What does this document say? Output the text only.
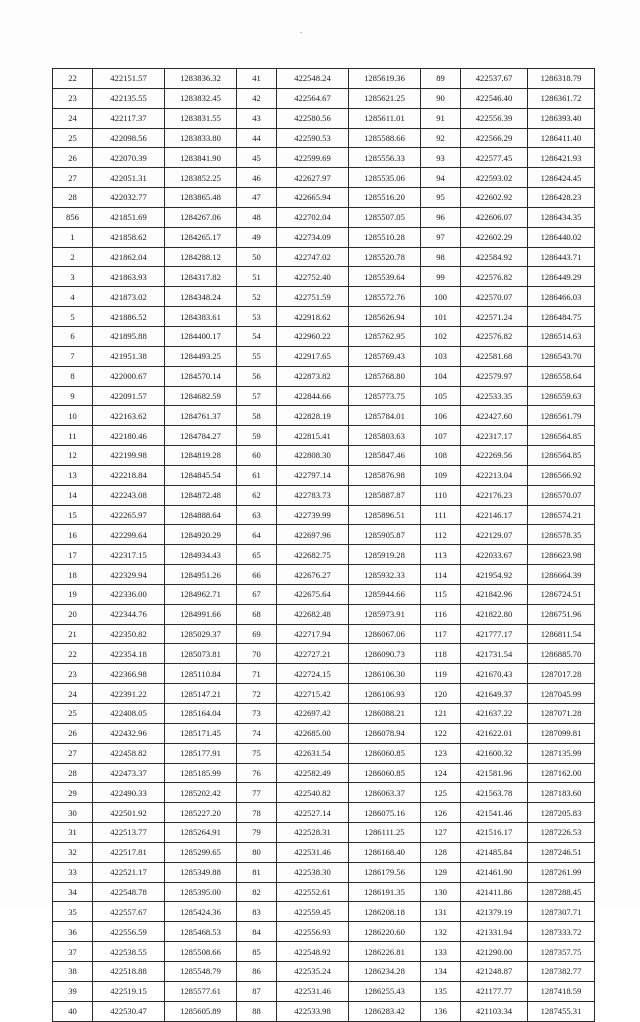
22	422151.57	1283836.32	41	422548.24	1285619.36	89	422537.67	1286318.79
23	422135.55	1283832.45	42	422564.67	1285621.25	90	422546.40	1286361.72
24	422117.37	1283831.55	43	422580.56	1285611.01	91	422556.39	1286393.40
25	422098.56	1283833.80	44	422590.53	1285588.66	92	422566.29	1286411.40
26	422070.39	1283841.90	45	422599.69	1285556.33	93	422577.45	1286421.93
27	422051.31	1283852.25	46	422627.97	1285535.06	94	422593.02	1286424.45
28	422032.77	1283865.48	47	422665.94	1285516.20	95	422602.92	1286428.23
856	421851.69	1284267.06	48	422702.04	1285507.05	96	422606.07	1286434.35
1	421858.62	1284265.17	49	422734.09	1285510.28	97	422602.29	1286440.02
2	421862.04	1284288.12	50	422747.02	1285520.78	98	422584.92	1286443.71
3	421863.93	1284317.82	51	422752.40	1285539.64	99	422576.82	1286449.29
4	421873.02	1284348.24	52	422751.59	1285572.76	100	422570.07	1286466.03
5	421886.52	1284383.61	53	422918.62	1285626.94	101	422571.24	1286484.75
6	421895.88	1284400.17	54	422960.22	1285762.95	102	422576.82	1286514.63
7	421951.38	1284493.25	55	422917.65	1285769.43	103	422581.68	1286543.70
8	422000.67	1284570.14	56	422873.82	1285768.80	104	422579.97	1286558.64
9	422091.57	1284682.59	57	422844.66	1285773.75	105	422533.35	1286559.63
10	422163.62	1284761.37	58	422828.19	1285784.01	106	422427.60	1286561.79
11	422180.46	1284784.27	59	422815.41	1285803.63	107	422317.17	1286564.85
12	422199.98	1284819.28	60	422808.30	1285847.46	108	422269.56	1286564.85
13	422218.84	1284845.54	61	422797.14	1285876.98	109	422213.04	1286566.92
14	422243.08	1284872.48	62	422783.73	1285887.87	110	422176.23	1286570.07
15	422265.97	1284888.64	63	422739.99	1285896.51	111	422146.17	1286574.21
16	422299.64	1284920.29	64	422697.96	1285905.87	112	422129.07	1286578.35
17	422317.15	1284934.43	65	422682.75	1285919.28	113	422033.67	1286623.98
18	422329.94	1284951.26	66	422676.27	1285932.33	114	421954.92	1286664.39
19	422336.00	1284962.71	67	422675.64	1285944.66	115	421842.96	1286724.51
20	422344.76	1284991.66	68	422682.48	1285973.91	116	421822.80	1286751.96
21	422350.82	1285029.37	69	422717.94	1286067.06	117	421777.17	1286811.54
22	422354.18	1285073.81	70	422727.21	1286090.73	118	421731.54	1286885.70
23	422366.98	1285110.84	71	422724.15	1286106.30	119	421670.43	1287017.28
24	422391.22	1285147.21	72	422715.42	1286106.93	120	421649.37	1287045.99
25	422408.05	1285164.04	73	422697.42	1286088.21	121	421637.22	1287071.28
26	422432.96	1285171.45	74	422685.00	1286078.94	122	421622.01	1287099.81
27	422458.82	1285177.91	75	422631.54	1286060.85	123	421600.32	1287135.99
28	422473.37	1285185.99	76	422582.49	1286060.85	124	421581.96	1287162.00
29	422490.33	1285202.42	77	422540.82	1286063.37	125	421563.78	1287183.60
30	422501.92	1285227.20	78	422527.14	1286075.16	126	421541.46	1287205.83
31	422513.77	1285264.91	79	422528.31	1286111.25	127	421516.17	1287226.53
32	422517.81	1285299.65	80	422531.46	1286168.40	128	421485.84	1287246.51
33	422521.17	1285349.88	81	422538.30	1286179.56	129	421461.90	1287261.99
34	422548.78	1285395.00	82	422552.61	1286191.35	130	421411.86	1287288.45
35	422557.67	1285424.36	83	422559.45	1286208.18	131	421379.19	1287307.71
36	422556.59	1285468.53	84	422556.93	1286220.60	132	421331.94	1287333.72
37	422538.55	1285508.66	85	422548.92	1286226.81	133	421290.00	1287357.75
38	422518.88	1285548.79	86	422535.24	1286234.28	134	421248.87	1287382.77
39	422519.15	1285577.61	87	422531.46	1286255.43	135	421177.77	1287418.59
40	422530.47	1285605.89	88	422533.98	1286283.42	136	421103.34	1287455.31
